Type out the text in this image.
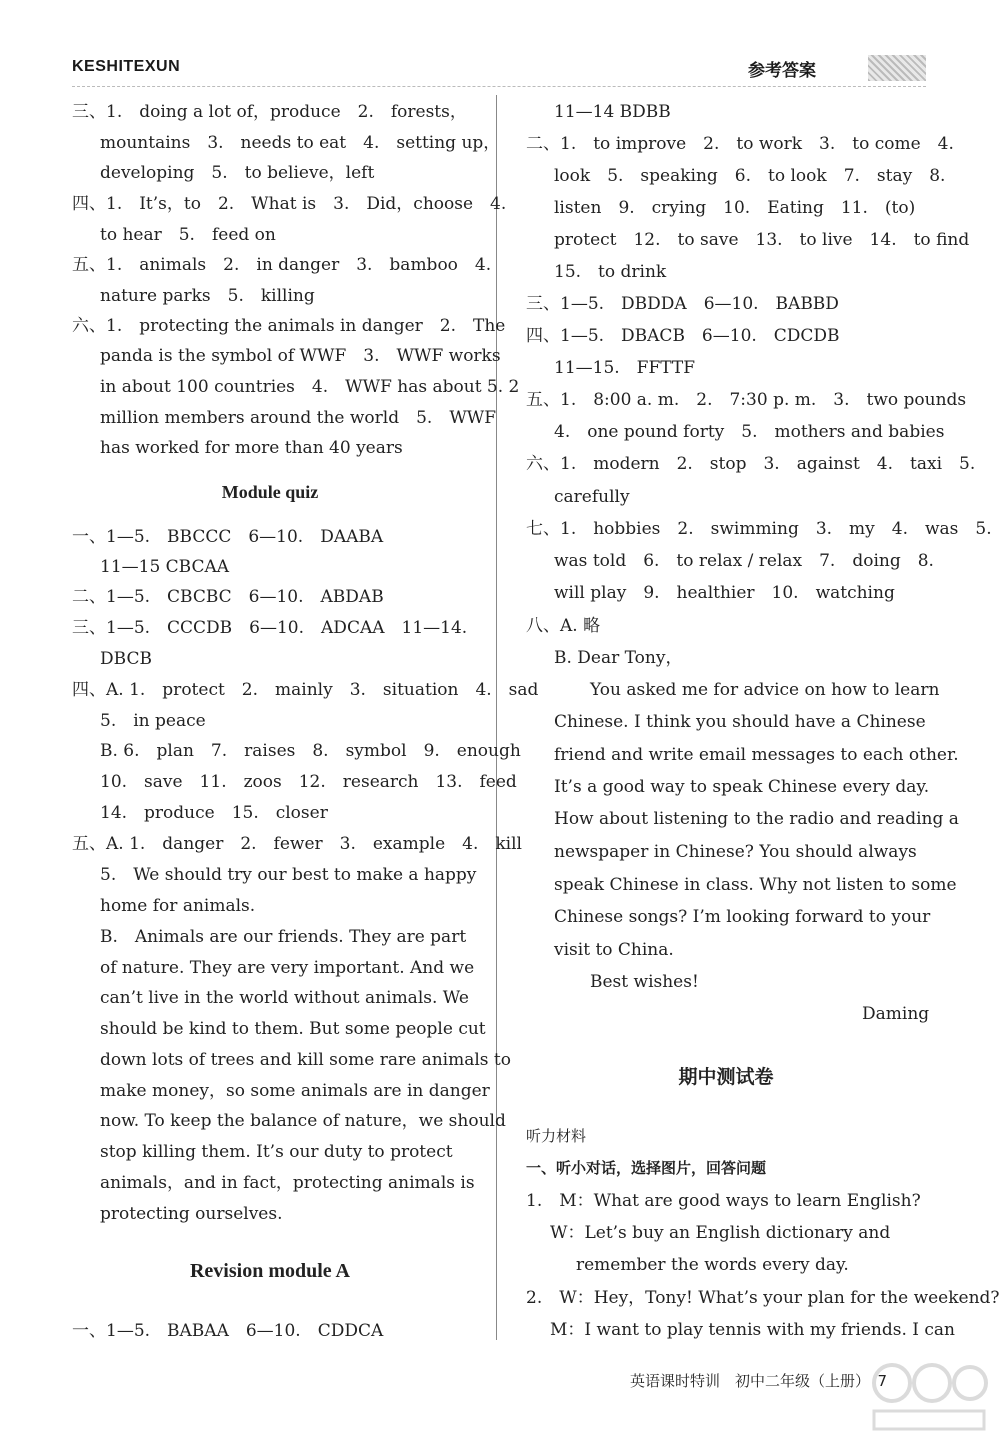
KESHITEXUN	参考答案
三、1.　doing a lot of，produce　2.　forests，
mountains　3.　needs to eat　4.　setting up，
developing　5.　to believe，left
四、1.　It’s，to　2.　What is　3.　Did，choose　4.
to hear　5.　feed on
五、1.　animals　2.　in danger　3.　bamboo　4.
nature parks　5.　killing
六、1.　protecting the animals in danger　2.　The
panda is the symbol of WWF　3.　WWF works
in about 100 countries　4.　WWF has about 5. 2
million members around the world　5.　WWF
has worked for more than 40 years
Module quiz
一、1—5.　BBCCC　6—10.　DAABA
11—15 CBCAA
二、1—5.　CBCBC　6—10.　ABDAB
三、1—5.　CCCDB　6—10.　ADCAA　11—14.
DBCB
四、A. 1.　protect　2.　mainly　3.　situation　4.　sad
5.　in peace
B. 6.　plan　7.　raises　8.　symbol　9.　enough
10.　save　11.　zoos　12.　research　13.　feed
14.　produce　15.　closer
五、A. 1.　danger　2.　fewer　3.　example　4.　kill
5.　We should try our best to make a happy
home for animals.
B.　Animals are our friends. They are part
of nature. They are very important. And we
can’t live in the world without animals. We
should be kind to them. But some people cut
down lots of trees and kill some rare animals to
make money，so some animals are in danger
now. To keep the balance of nature，we should
stop killing them. It’s our duty to protect
animals，and in fact，protecting animals is
protecting ourselves.
Revision module A
一、1—5.　BABAA　6—10.　CDDCA
11—14 BDBB
二、1.　to improve　2.　to work　3.　to come　4.
look　5.　speaking　6.　to look　7.　stay　8.
listen　9.　crying　10.　Eating　11.　(to)
protect　12.　to save　13.　to live　14.　to find
15.　to drink
三、1—5.　DBDDA　6—10.　BABBD
四、1—5.　DBACB　6—10.　CDCDB
11—15.　FFTTF
五、1.　8:00 a. m.　2.　7:30 p. m.　3.　two pounds
4.　one pound forty　5.　mothers and babies
六、1.　modern　2.　stop　3.　against　4.　taxi　5.
carefully
七、1.　hobbies　2.　swimming　3.　my　4.　was　5.
was told　6.　to relax / relax　7.　doing　8.
will play　9.　healthier　10.　watching
八、A. 略
B. Dear Tony，
You asked me for advice on how to learn
Chinese. I think you should have a Chinese
friend and write email messages to each other.
It’s a good way to speak Chinese every day.
How about listening to the radio and reading a
newspaper in Chinese? You should always
speak Chinese in class. Why not listen to some
Chinese songs? I’m looking forward to your
visit to China.
Best wishes!
Daming
期中测试卷
听力材料
一、听小对话，选择图片，回答问题
1.　M：What are good ways to learn English?
W：Let’s buy an English dictionary and
remember the words every day.
2.　W：Hey，Tony! What’s your plan for the weekend?
M：I want to play tennis with my friends. I can
英语课时特训　初中二年级（上册）　7
